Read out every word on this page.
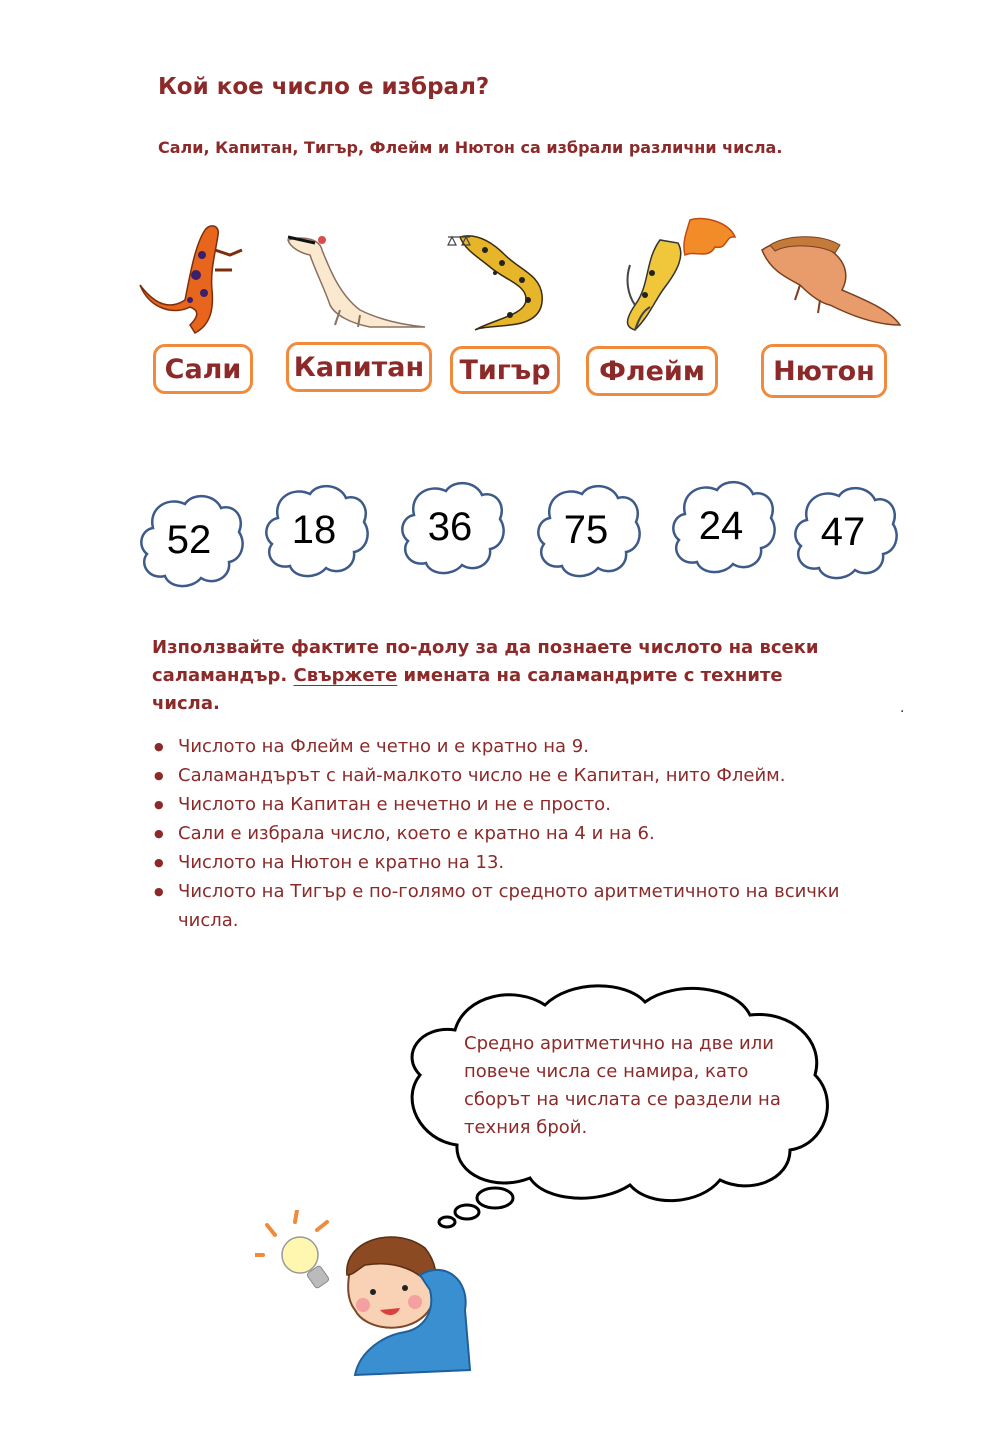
Кой кое число е избрал?
Сали, Капитан, Тигър, Флейм и Нютон са избрали различни числа.
Сали	Капитан	Тигър	Флейм	Нютон
52	18	36	75	24	47
Използвайте фактите по-долу за да познаете числото на всеки саламандър. Свържете имената на саламандрите с техните числа.	.
● Числото на Флейм е четно и е кратно на 9.
● Саламандърът с най-малкото число не е Капитан, нито Флейм.
● Числото на Капитан е нечетно и не е просто.
● Сали е избрала число, което е кратно на 4 и на 6.
● Числото на Нютон е кратно на 13.
● Числото на Тигър е по-голямо от средното аритметичното на всички числа.
Средно аритметично на две или повече числа се намира, като сборът на числата се раздели на техния брой.
